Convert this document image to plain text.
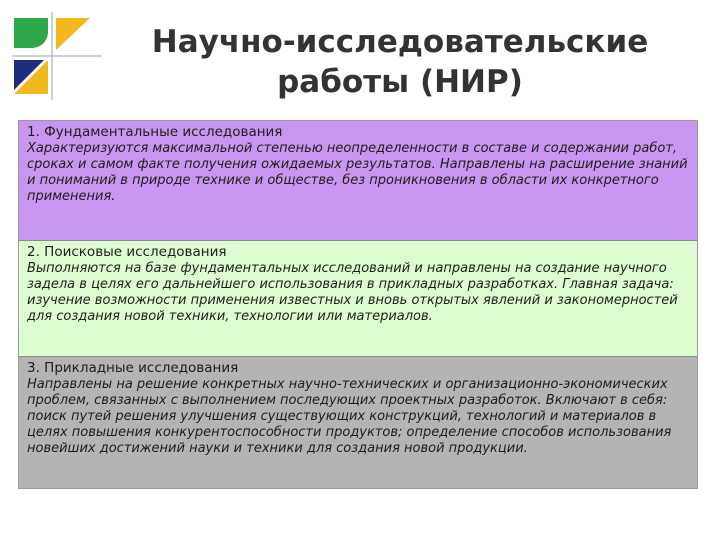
Научно-исследовательские работы (НИР)
1. Фундаментальные исследования
Характеризуются максимальной степенью неопределенности в составе и содержании работ, сроках и самом факте получения ожидаемых результатов. Направлены на расширение знаний и пониманий в природе технике и обществе, без проникновения в области их конкретного применения.
2. Поисковые исследования
Выполняются на базе фундаментальных исследований и направлены на создание научного задела в целях его дальнейшего использования в прикладных разработках. Главная задача: изучение возможности применения известных и вновь открытых явлений и закономерностей для создания новой техники, технологии или материалов.
3. Прикладные исследования
Направлены на решение конкретных научно-технических и организационно-экономических проблем, связанных с выполнением последующих проектных разработок. Включают в себя: поиск путей решения улучшения существующих конструкций, технологий и материалов в целях повышения конкурентоспособности продуктов; определение способов использования новейших достижений науки и техники для создания новой продукции.
